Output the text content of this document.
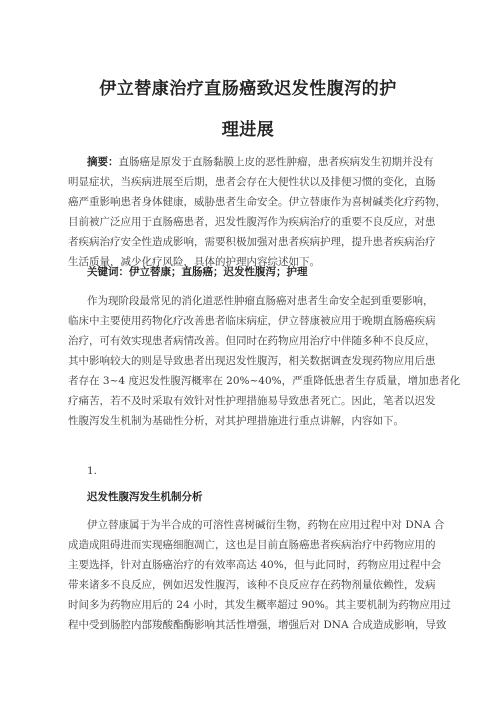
伊立替康治疗直肠癌致迟发性腹泻的护
理进展
摘要：直肠癌是原发于直肠黏膜上皮的恶性肿瘤，患者疾病发生初期并没有
明显症状，当疾病进展至后期，患者会存在大便性状以及排便习惯的变化，直肠
癌严重影响患者身体健康，威胁患者生命安全。伊立替康作为喜树碱类化疗药物，
目前被广泛应用于直肠癌患者，迟发性腹泻作为疾病治疗的重要不良反应，对患
者疾病治疗安全性造成影响，需要积极加强对患者疾病护理，提升患者疾病治疗
生活质量，减少化疗风险，具体的护理内容综述如下。
关键词：伊立替康；直肠癌；迟发性腹泻；护理
作为现阶段最常见的消化道恶性肿瘤直肠癌对患者生命安全起到重要影响，
临床中主要使用药物化疗改善患者临床病症，伊立替康被应用于晚期直肠癌疾病
治疗，可有效实现患者病情改善。但同时在药物应用治疗中伴随多种不良反应，
其中影响较大的则是导致患者出现迟发性腹泻，相关数据调查发现药物应用后患
者存在 3~4 度迟发性腹泻概率在 20%~40%，严重降低患者生存质量，增加患者化
疗痛苦，若不及时采取有效针对性护理措施易导致患者死亡。因此，笔者以迟发
性腹泻发生机制为基础性分析，对其护理措施进行重点讲解，内容如下。
1.
迟发性腹泻发生机制分析
伊立替康属于为半合成的可溶性喜树碱衍生物，药物在应用过程中对 DNA 合
成造成阻碍进而实现癌细胞凋亡，这也是目前直肠癌患者疾病治疗中药物应用的
主要选择，针对直肠癌治疗的有效率高达 40%，但与此同时，药物应用过程中会
带来诸多不良反应，例如迟发性腹泻，该种不良反应存在药物剂量依赖性，发病
时间多为药物应用后的 24 小时，其发生概率超过 90%。其主要机制为药物应用过
程中受到肠腔内部羧酸酯酶影响其活性增强，增强后对 DNA 合成造成影响，导致
